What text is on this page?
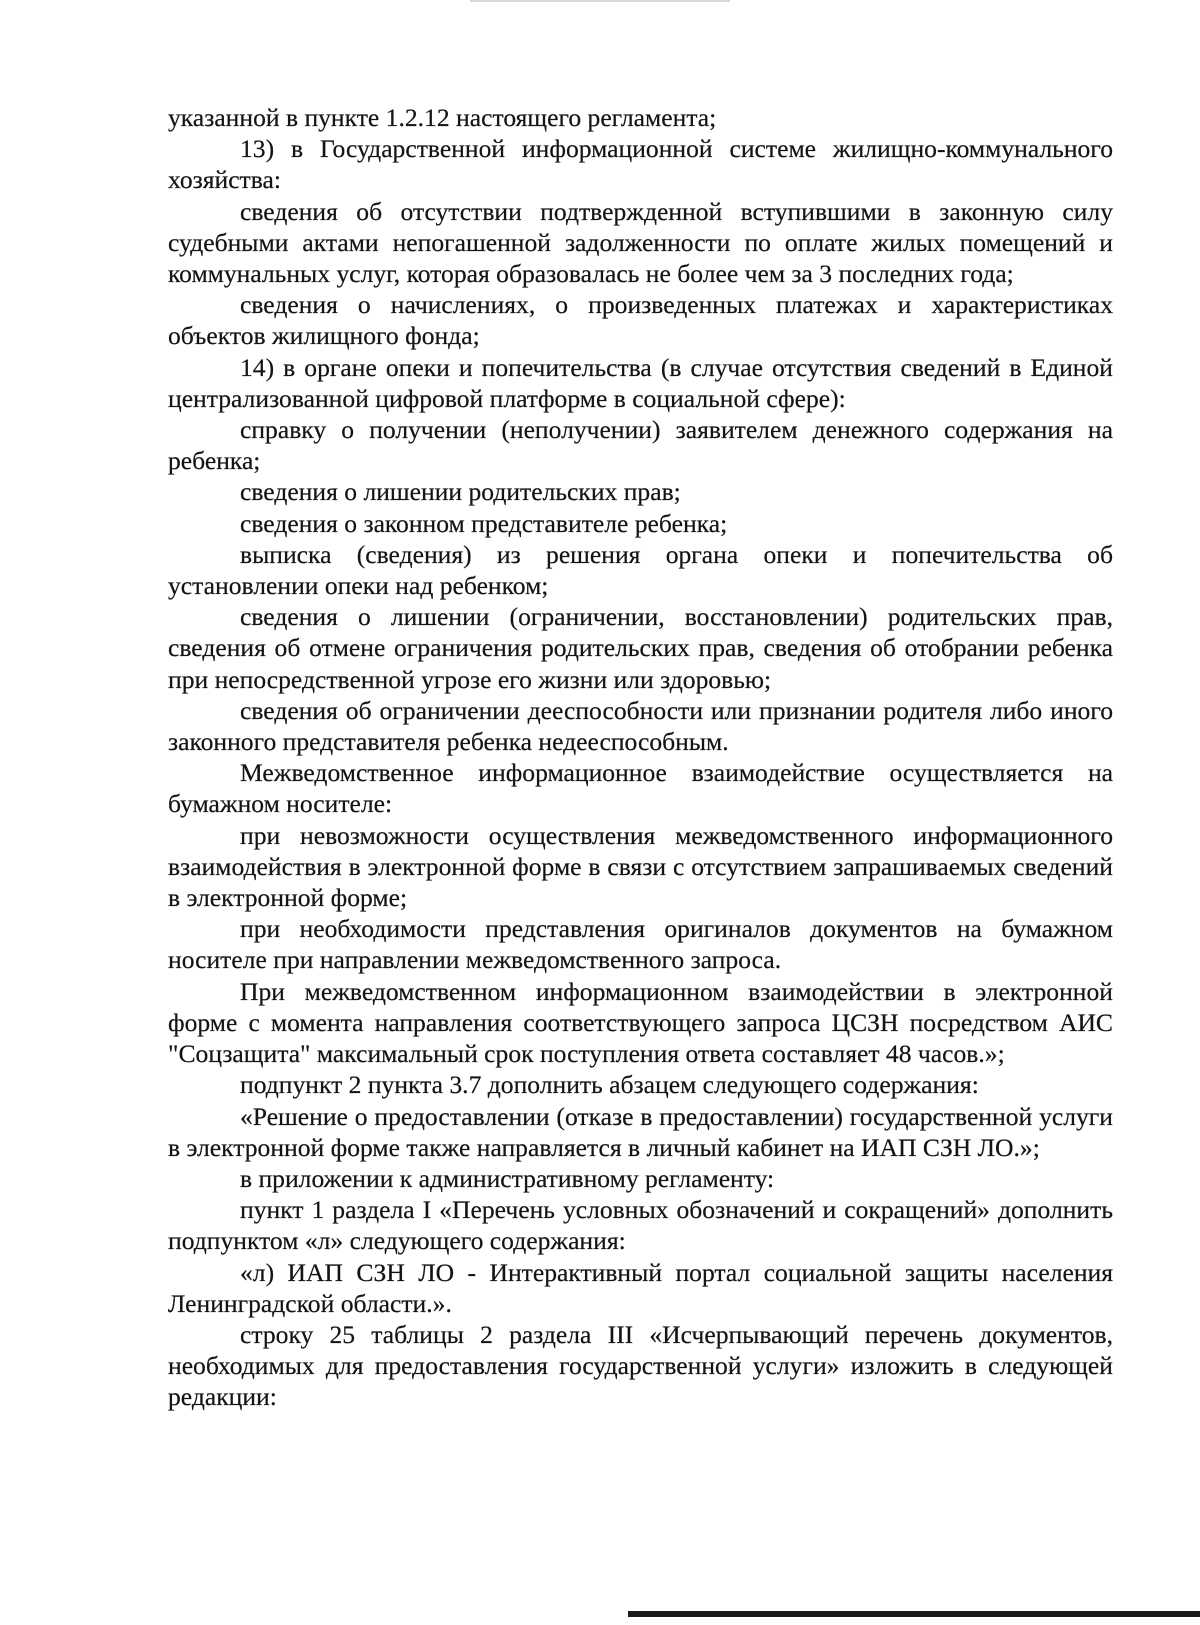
указанной в пункте 1.2.12 настоящего регламента;

13) в Государственной информационной системе жилищно-коммунального хозяйства:

сведения об отсутствии подтвержденной вступившими в законную силу судебными актами непогашенной задолженности по оплате жилых помещений и коммунальных услуг, которая образовалась не более чем за 3 последних года;

сведения о начислениях, о произведенных платежах и характеристиках объектов жилищного фонда;

14) в органе опеки и попечительства (в случае отсутствия сведений в Единой централизованной цифровой платформе в социальной сфере):

справку о получении (неполучении) заявителем денежного содержания на ребенка;

сведения о лишении родительских прав;

сведения о законном представителе ребенка;

выписка (сведения) из решения органа опеки и попечительства об установлении опеки над ребенком;

сведения о лишении (ограничении, восстановлении) родительских прав, сведения об отмене ограничения родительских прав, сведения об отобрании ребенка при непосредственной угрозе его жизни или здоровью;

сведения об ограничении дееспособности или признании родителя либо иного законного представителя ребенка недееспособным.

Межведомственное информационное взаимодействие осуществляется на бумажном носителе:

при невозможности осуществления межведомственного информационного взаимодействия в электронной форме в связи с отсутствием запрашиваемых сведений в электронной форме;

при необходимости представления оригиналов документов на бумажном носителе при направлении межведомственного запроса.

При межведомственном информационном взаимодействии в электронной форме с момента направления соответствующего запроса ЦСЗН посредством АИС "Соцзащита" максимальный срок поступления ответа составляет 48 часов.»;

подпункт 2 пункта 3.7 дополнить абзацем следующего содержания:

«Решение о предоставлении (отказе в предоставлении) государственной услуги в электронной форме также направляется в личный кабинет на ИАП СЗН ЛО.»;

в приложении к административному регламенту:

пункт 1 раздела I «Перечень условных обозначений и сокращений» дополнить подпунктом «л» следующего содержания:

«л) ИАП СЗН ЛО - Интерактивный портал социальной защиты населения Ленинградской области.».

строку 25 таблицы 2 раздела III «Исчерпывающий перечень документов, необходимых для предоставления государственной услуги» изложить в следующей редакции:
